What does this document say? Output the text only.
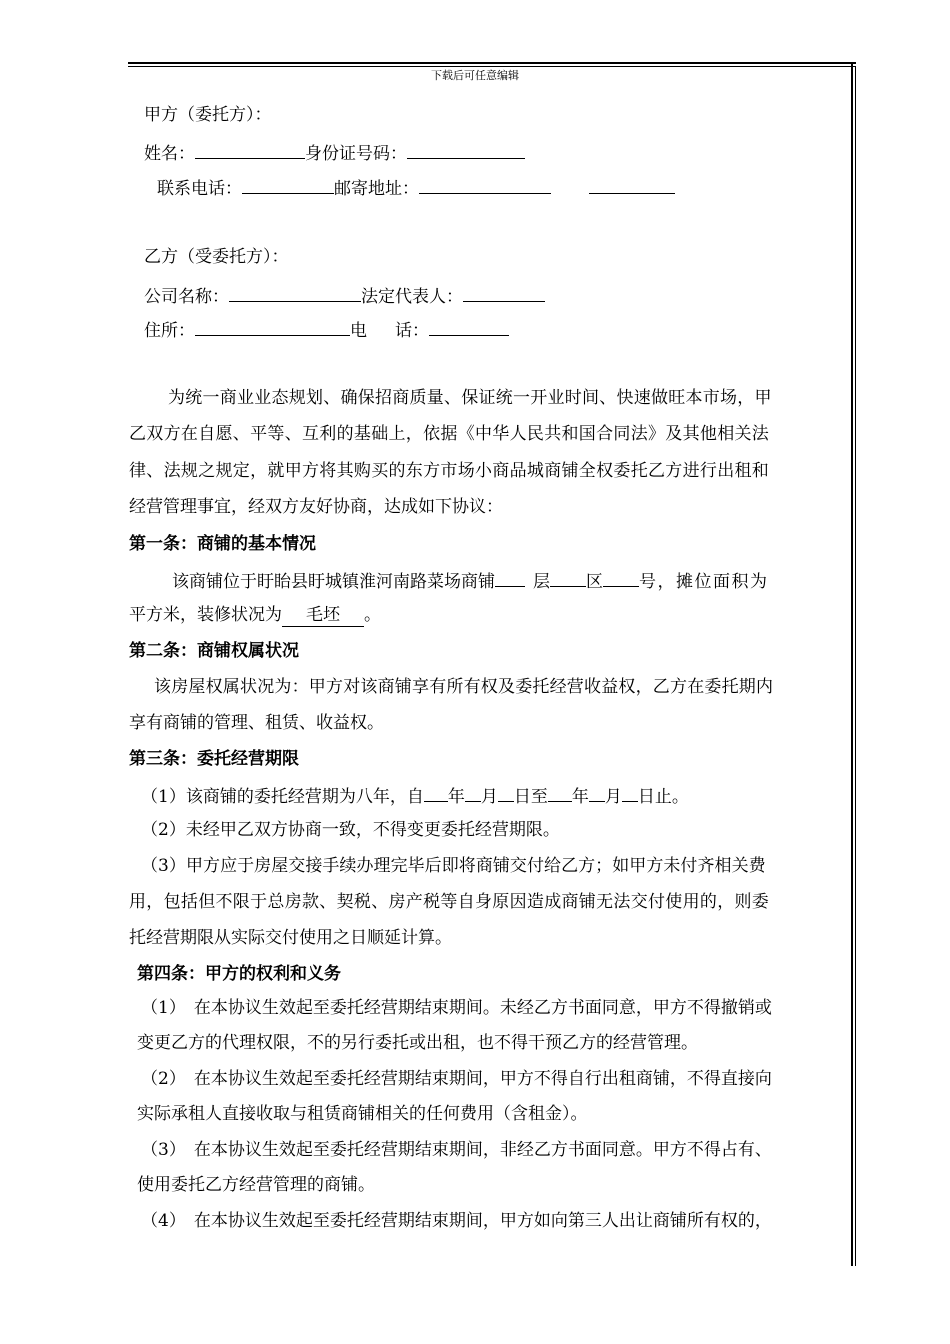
下载后可任意编辑
甲方（委托方）：
姓名：	身份证号码：
联系电话：	邮寄地址：
乙方（受委托方）：
公司名称：	法定代表人：
住所：	电 话：
为统一商业业态规划、确保招商质量、保证统一开业时间、快速做旺本市场，甲
乙双方在自愿、平等、互利的基础上，依据《中华人民共和国合同法》及其他相关法
律、法规之规定，就甲方将其购买的东方市场小商品城商铺全权委托乙方进行出租和
经营管理事宜，经双方友好协商，达成如下协议：
第一条：商铺的基本情况
该商铺位于盱眙县盱城镇淮河南路菜场商铺 层 区 号，摊位面积为
平方米，装修状况为 毛坯 。
第二条：商铺权属状况
该房屋权属状况为：甲方对该商铺享有所有权及委托经营收益权，乙方在委托期内
享有商铺的管理、租赁、收益权。
第三条：委托经营期限
（1）该商铺的委托经营期为八年，自 年 月 日至 年 月 日止。
（2）未经甲乙双方协商一致，不得变更委托经营期限。
（3）甲方应于房屋交接手续办理完毕后即将商铺交付给乙方；如甲方未付齐相关费
用，包括但不限于总房款、契税、房产税等自身原因造成商铺无法交付使用的，则委
托经营期限从实际交付使用之日顺延计算。
第四条：甲方的权利和义务
（1） 在本协议生效起至委托经营期结束期间。未经乙方书面同意，甲方不得撤销或
变更乙方的代理权限，不的另行委托或出租，也不得干预乙方的经营管理。
（2） 在本协议生效起至委托经营期结束期间，甲方不得自行出租商铺，不得直接向
实际承租人直接收取与租赁商铺相关的任何费用（含租金）。
（3） 在本协议生效起至委托经营期结束期间，非经乙方书面同意。甲方不得占有、
使用委托乙方经营管理的商铺。
（4） 在本协议生效起至委托经营期结束期间，甲方如向第三人出让商铺所有权的，
